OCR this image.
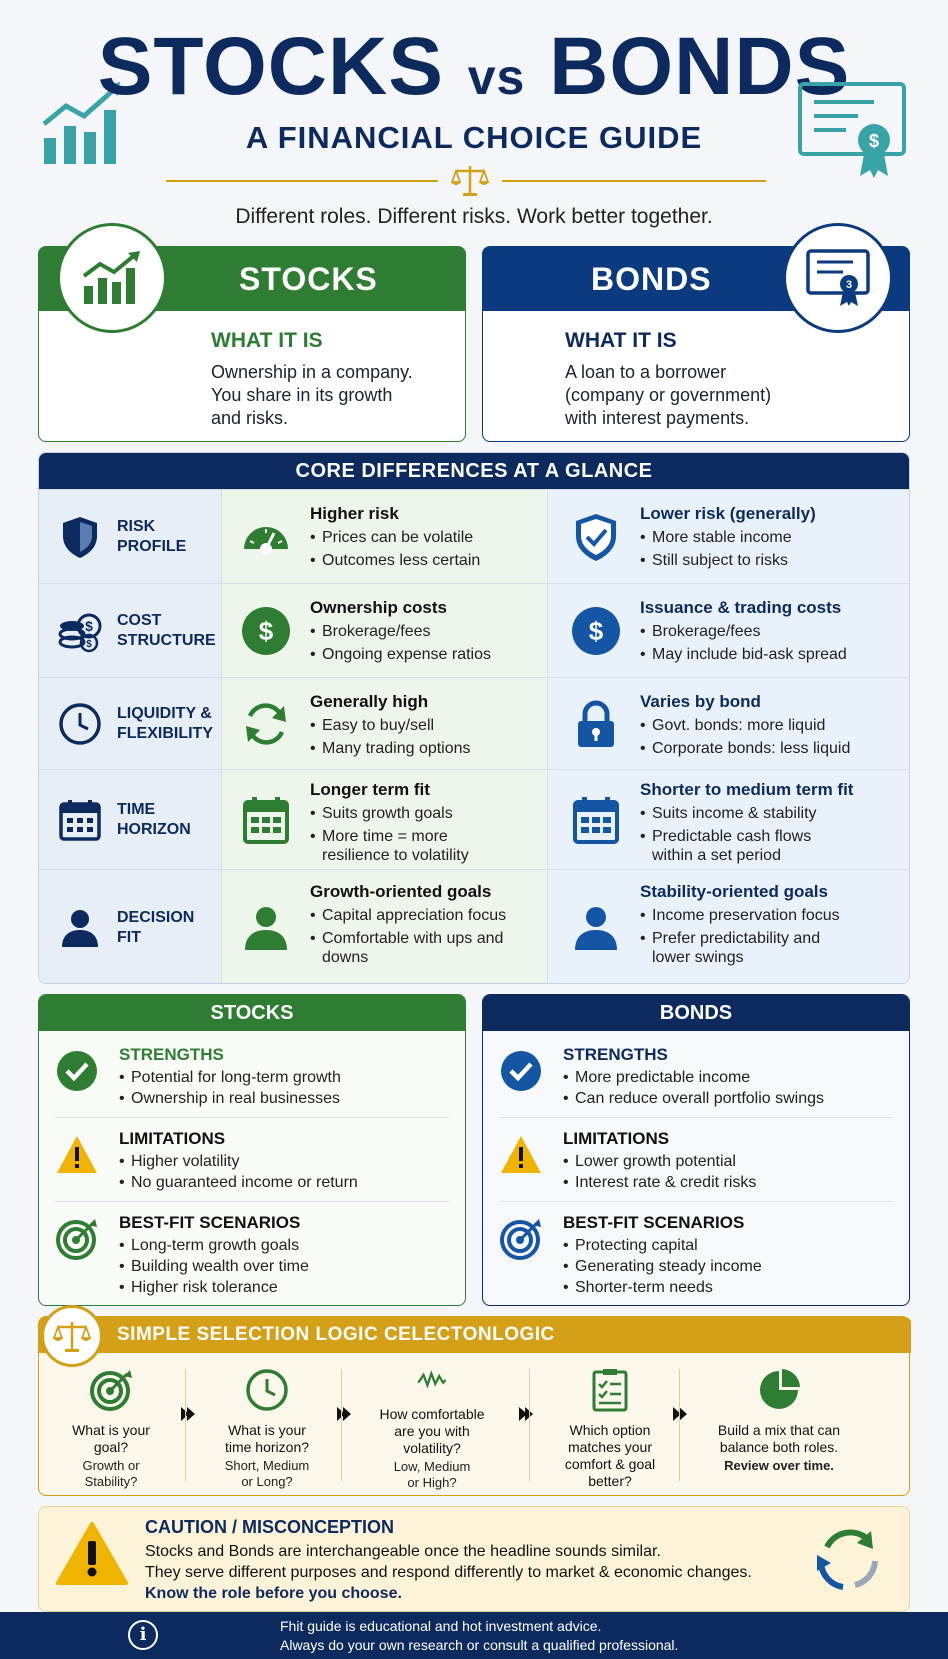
STOCKS vs BONDS
A FINANCIAL CHOICE GUIDE
Different roles. Different risks. Work better together.
$
STOCKS
WHAT IT IS
Ownership in a company.
You share in its growth
and risks.
BONDS	3
WHAT IT IS
A loan to a borrower
(company or government)
with interest payments.
CORE DIFFERENCES AT A GLANCE
RISK
PROFILE
Higher risk
• Prices can be volatile
• Outcomes less certain
Lower risk (generally)
• More stable income
• Still subject to risks
$
$
COST
STRUCTURE $
Ownership costs
• Brokerage/fees
• Ongoing expense ratios
$
Issuance & trading costs
• Brokerage/fees
• May include bid-ask spread
LIQUIDITY &
FLEXIBILITY
Generally high
• Easy to buy/sell
• Many trading options
Varies by bond
• Govt. bonds: more liquid
• Corporate bonds: less liquid
TIME
HORIZON
Longer term fit
• Suits growth goals
• More time = more resilience to volatility
Shorter to medium term fit
• Suits income & stability
• Predictable cash flows within a set period
DECISION
FIT
Growth-oriented goals
• Capital appreciation focus
• Comfortable with ups and downs
Stability-oriented goals
• Income preservation focus
• Prefer predictability and lower swings
STOCKS
STRENGTHS
• Potential for long-term growth
• Ownership in real businesses
LIMITATIONS
• Higher volatility
• No guaranteed income or return
BEST-FIT SCENARIOS
• Long-term growth goals
• Building wealth over time
• Higher risk tolerance
BONDS
STRENGTHS
• More predictable income
• Can reduce overall portfolio swings
LIMITATIONS
• Lower growth potential
• Interest rate & credit risks
BEST-FIT SCENARIOS
• Protecting capital
• Generating steady income
• Shorter-term needs
SIMPLE SELECTION LOGIC CELECTONLOGIC
What is your goal?
Growth or Stability?
What is your time horizon?
Short, Medium or Long?
How comfortable are you with volatility?
Low, Medium or High?
Which option matches your comfort & goal better?
Build a mix that can balance both roles.
Review over time.
CAUTION / MISCONCEPTION
Stocks and Bonds are interchangeable once the headline sounds similar.
They serve different purposes and respond differently to market & economic changes.
Know the role before you choose.
i	Fhit guide is educational and hot investment advice.
Always do your own research or consult a qualified professional.
